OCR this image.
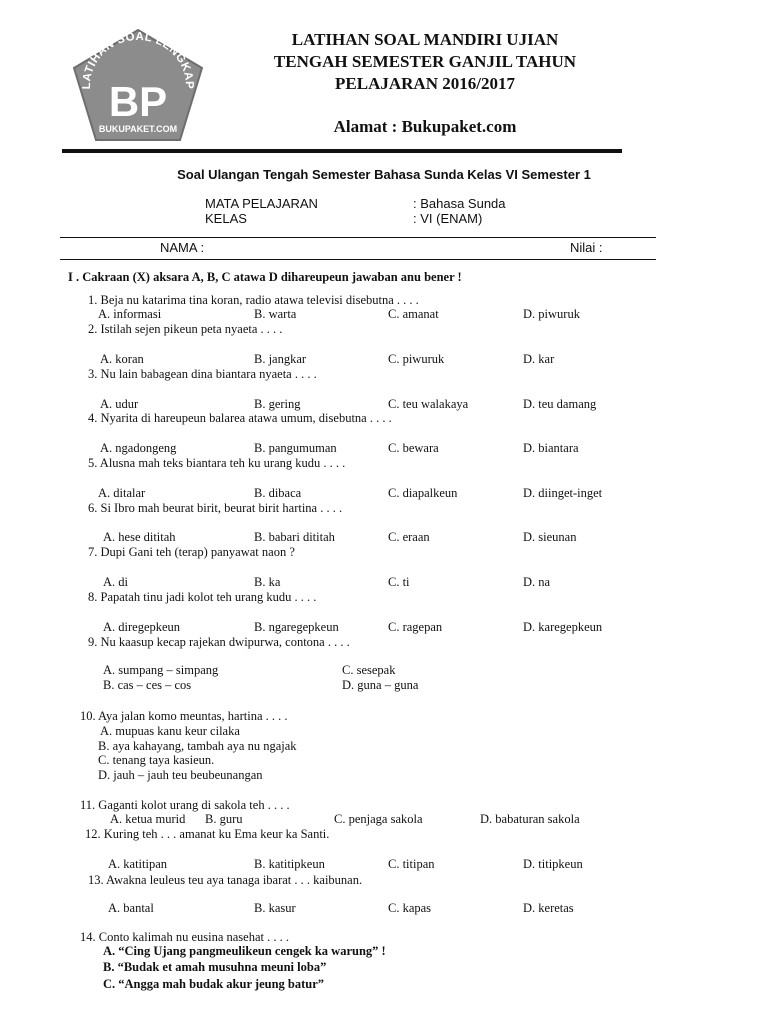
LATIHAN SOAL LENGKAP
BP
BUKUPAKET.COM
LATIHAN SOAL MANDIRI UJIAN
TENGAH SEMESTER GANJIL TAHUN
PELAJARAN 2016/2017
Alamat : Bukupaket.com
Soal Ulangan Tengah Semester Bahasa Sunda Kelas VI Semester 1
MATA PELAJARAN	: Bahasa Sunda
KELAS	: VI (ENAM)
NAMA :	Nilai :
I . Cakraan (X) aksara A, B, C atawa D dihareupeun jawaban anu bener !
1. Beja nu katarima tina koran, radio atawa televisi disebutna . . . .
A. informasi	B. warta	C. amanat	D. piwuruk
2. Istilah sejen pikeun peta nyaeta . . . .
A. koran	B. jangkar	C. piwuruk	D. kar
3. Nu lain babagean dina biantara nyaeta . . . .
A. udur	B. gering	C. teu walakaya	D. teu damang
4. Nyarita di hareupeun balarea atawa umum, disebutna . . . .
A. ngadongeng	B. pangumuman	C. bewara	D. biantara
5. Alusna mah teks biantara teh ku urang kudu . . . .
A. ditalar	B. dibaca	C. diapalkeun	D. diinget-inget
6. Si Ibro mah beurat birit, beurat birit hartina . . . .
A. hese dititah	B. babari dititah	C. eraan	D. sieunan
7. Dupi Gani teh (terap) panyawat naon ?
A. di	B. ka	C. ti	D. na
8. Papatah tinu jadi kolot teh urang kudu . . . .
A. diregepkeun	B. ngaregepkeun	C. ragepan	D. karegepkeun
9. Nu kaasup kecap rajekan dwipurwa, contona . . . .
A. sumpang – simpang	C. sesepak
B. cas – ces – cos	D. guna – guna
10. Aya jalan komo meuntas, hartina . . . .
A. mupuas kanu keur cilaka
B. aya kahayang, tambah aya nu ngajak
C. tenang taya kasieun.
D. jauh – jauh teu beubeunangan
11. Gaganti kolot urang di sakola teh . . . .
A. ketua murid B. guru	C. penjaga sakola	D. babaturan sakola
12. Kuring teh . . . amanat ku Ema keur ka Santi.
A. katitipan	B. katitipkeun	C. titipan	D. titipkeun
13. Awakna leuleus teu aya tanaga ibarat . . . kaibunan.
A. bantal	B. kasur	C. kapas	D. keretas
14. Conto kalimah nu eusina nasehat . . . .
A. “Cing Ujang pangmeulikeun cengek ka warung” !
B. “Budak et amah musuhna meuni loba”
C. “Angga mah budak akur jeung batur”
